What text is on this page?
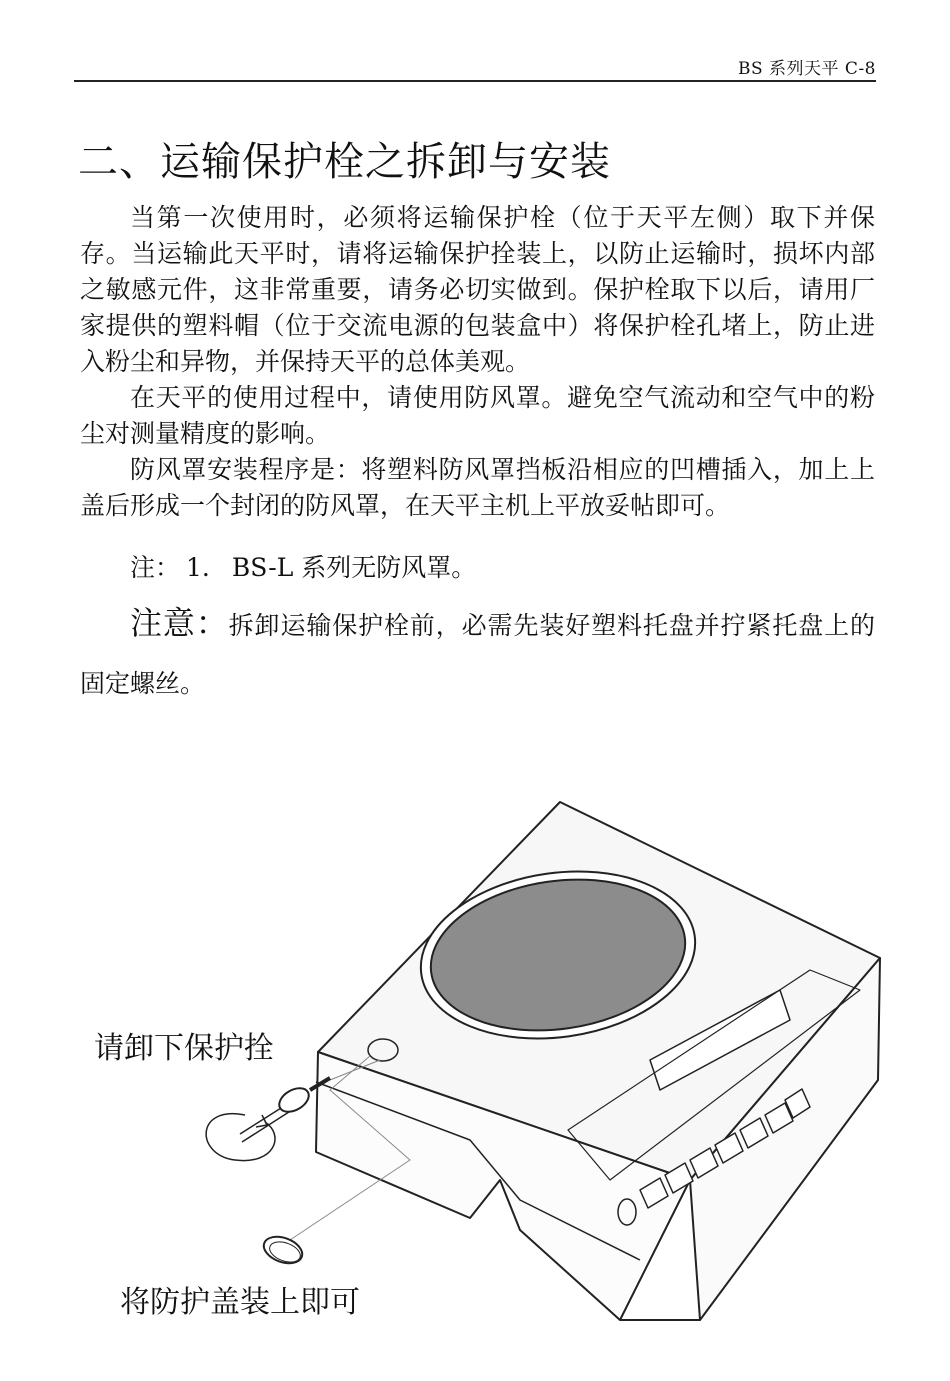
BS 系列天平 C-8
二、运输保护栓之拆卸与安装

当第一次使用时，必须将运输保护栓（位于天平左侧）取下并保存。当运输此天平时，请将运输保护拴装上，以防止运输时，损坏内部之敏感元件，这非常重要，请务必切实做到。保护栓取下以后，请用厂家提供的塑料帽（位于交流电源的包装盒中）将保护栓孔堵上，防止进入粉尘和异物，并保持天平的总体美观。

在天平的使用过程中，请使用防风罩。避免空气流动和空气中的粉尘对测量精度的影响。

防风罩安装程序是：将塑料防风罩挡板沿相应的凹槽插入，加上上盖后形成一个封闭的防风罩，在天平主机上平放妥帖即可。

注： 1. BS-L 系列无防风罩。

注意：拆卸运输保护栓前，必需先装好塑料托盘并拧紧托盘上的固定螺丝。

请卸下保护拴
将防护盖装上即可
